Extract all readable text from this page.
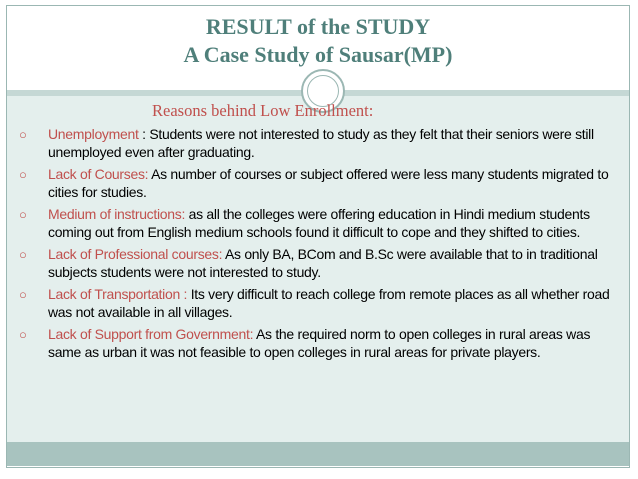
RESULT of the STUDY
A Case Study of Sausar(MP)
Reasons behind Low Enrollment:
○ Unemployment : Students were not interested to study as they felt that their seniors were still unemployed even after graduating.
○ Lack of Courses: As number of courses or subject offered were less many students migrated to cities for studies.
○ Medium of instructions: as all the colleges were offering education in Hindi medium students coming out from English medium schools found it difficult to cope and they shifted to cities.
○ Lack of Professional courses: As only BA, BCom and B.Sc were available that to in traditional subjects students were not interested to study.
○ Lack of Transportation : Its very difficult to reach college from remote places as all whether road was not available in all villages.
○ Lack of Support from Government: As the required norm to open colleges in rural areas was same as urban it was not feasible to open colleges in rural areas for private players.
